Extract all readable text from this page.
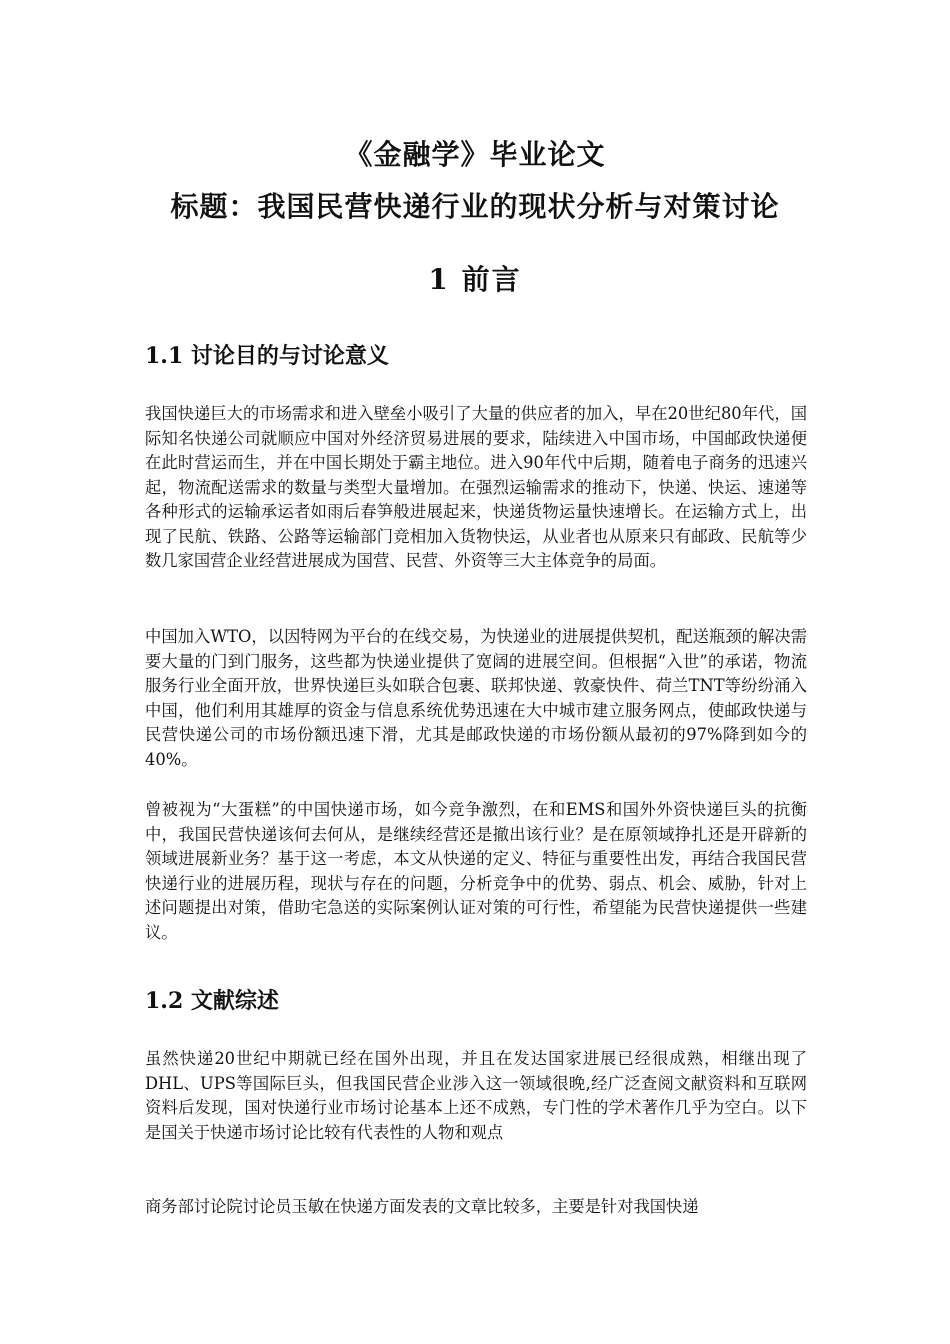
《金融学》毕业论文
标题：我国民营快递行业的现状分析与对策讨论
1 前言
1.1 讨论目的与讨论意义

我国快递巨大的市场需求和进入壁垒小吸引了大量的供应者的加入，早在20世纪80年代，国际知名快递公司就顺应中国对外经济贸易进展的要求，陆续进入中国市场，中国邮政快递便在此时营运而生，并在中国长期处于霸主地位。进入90年代中后期，随着电子商务的迅速兴起，物流配送需求的数量与类型大量增加。在强烈运输需求的推动下，快递、快运、速递等各种形式的运输承运者如雨后春笋般进展起来，快递货物运量快速增长。在运输方式上，出现了民航、铁路、公路等运输部门竞相加入货物快运，从业者也从原来只有邮政、民航等少数几家国营企业经营进展成为国营、民营、外资等三大主体竞争的局面。

中国加入WTO，以因特网为平台的在线交易，为快递业的进展提供契机，配送瓶颈的解决需要大量的门到门服务，这些都为快递业提供了宽阔的进展空间。但根据“入世”的承诺，物流服务行业全面开放，世界快递巨头如联合包裹、联邦快递、敦豪快件、荷兰TNT等纷纷涌入中国，他们利用其雄厚的资金与信息系统优势迅速在大中城市建立服务网点，使邮政快递与民营快递公司的市场份额迅速下滑，尤其是邮政快递的市场份额从最初的97%降到如今的40%。

曾被视为“大蛋糕”的中国快递市场，如今竞争激烈，在和EMS和国外外资快递巨头的抗衡中，我国民营快递该何去何从，是继续经营还是撤出该行业？是在原领域挣扎还是开辟新的领域进展新业务？基于这一考虑，本文从快递的定义、特征与重要性出发，再结合我国民营快递行业的进展历程，现状与存在的问题，分析竞争中的优势、弱点、机会、威胁，针对上述问题提出对策，借助宅急送的实际案例认证对策的可行性，希望能为民营快递提供一些建议。

1.2 文献综述

虽然快递20世纪中期就已经在国外出现，并且在发达国家进展已经很成熟，相继出现了DHL、UPS等国际巨头，但我国民营企业涉入这一领域很晚,经广泛查阅文献资料和互联网资料后发现，国对快递行业市场讨论基本上还不成熟，专门性的学术著作几乎为空白。以下是国关于快递市场讨论比较有代表性的人物和观点

商务部讨论院讨论员玉敏在快递方面发表的文章比较多，主要是针对我国快递
